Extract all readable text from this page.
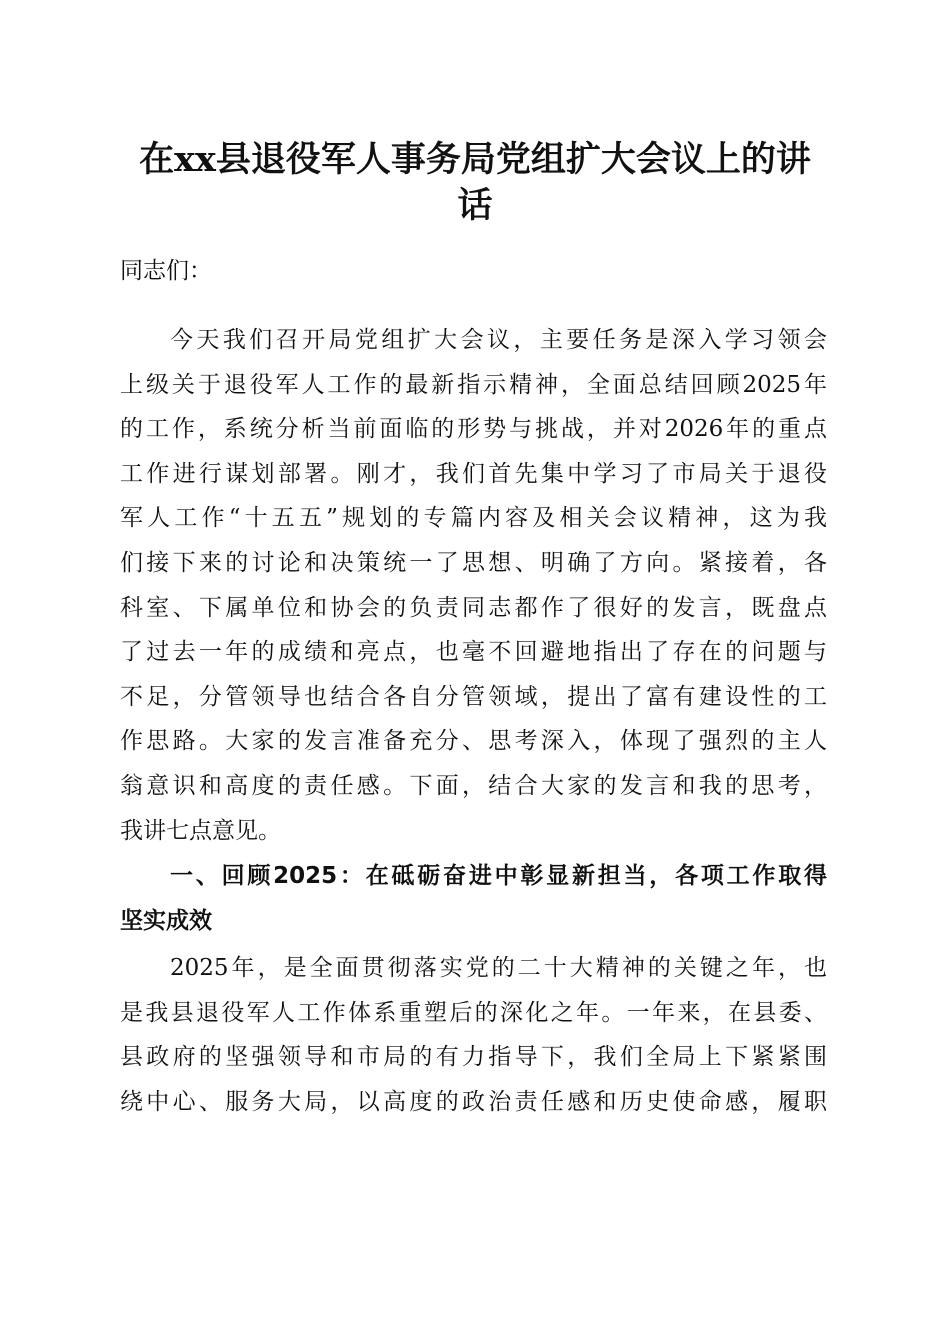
在xx县退役军人事务局党组扩大会议上的讲
话
同志们：
今天我们召开局党组扩大会议，主要任务是深入学习领会
上级关于退役军人工作的最新指示精神，全面总结回顾2025年
的工作，系统分析当前面临的形势与挑战，并对2026年的重点
工作进行谋划部署。刚才，我们首先集中学习了市局关于退役
军人工作“十五五”规划的专篇内容及相关会议精神，这为我
们接下来的讨论和决策统一了思想、明确了方向。紧接着，各
科室、下属单位和协会的负责同志都作了很好的发言，既盘点
了过去一年的成绩和亮点，也毫不回避地指出了存在的问题与
不足，分管领导也结合各自分管领域，提出了富有建设性的工
作思路。大家的发言准备充分、思考深入，体现了强烈的主人
翁意识和高度的责任感。下面，结合大家的发言和我的思考，
我讲七点意见。
一、回顾2025：在砥砺奋进中彰显新担当，各项工作取得
坚实成效
2025年，是全面贯彻落实党的二十大精神的关键之年，也
是我县退役军人工作体系重塑后的深化之年。一年来，在县委、
县政府的坚强领导和市局的有力指导下，我们全局上下紧紧围
绕中心、服务大局，以高度的政治责任感和历史使命感，履职
